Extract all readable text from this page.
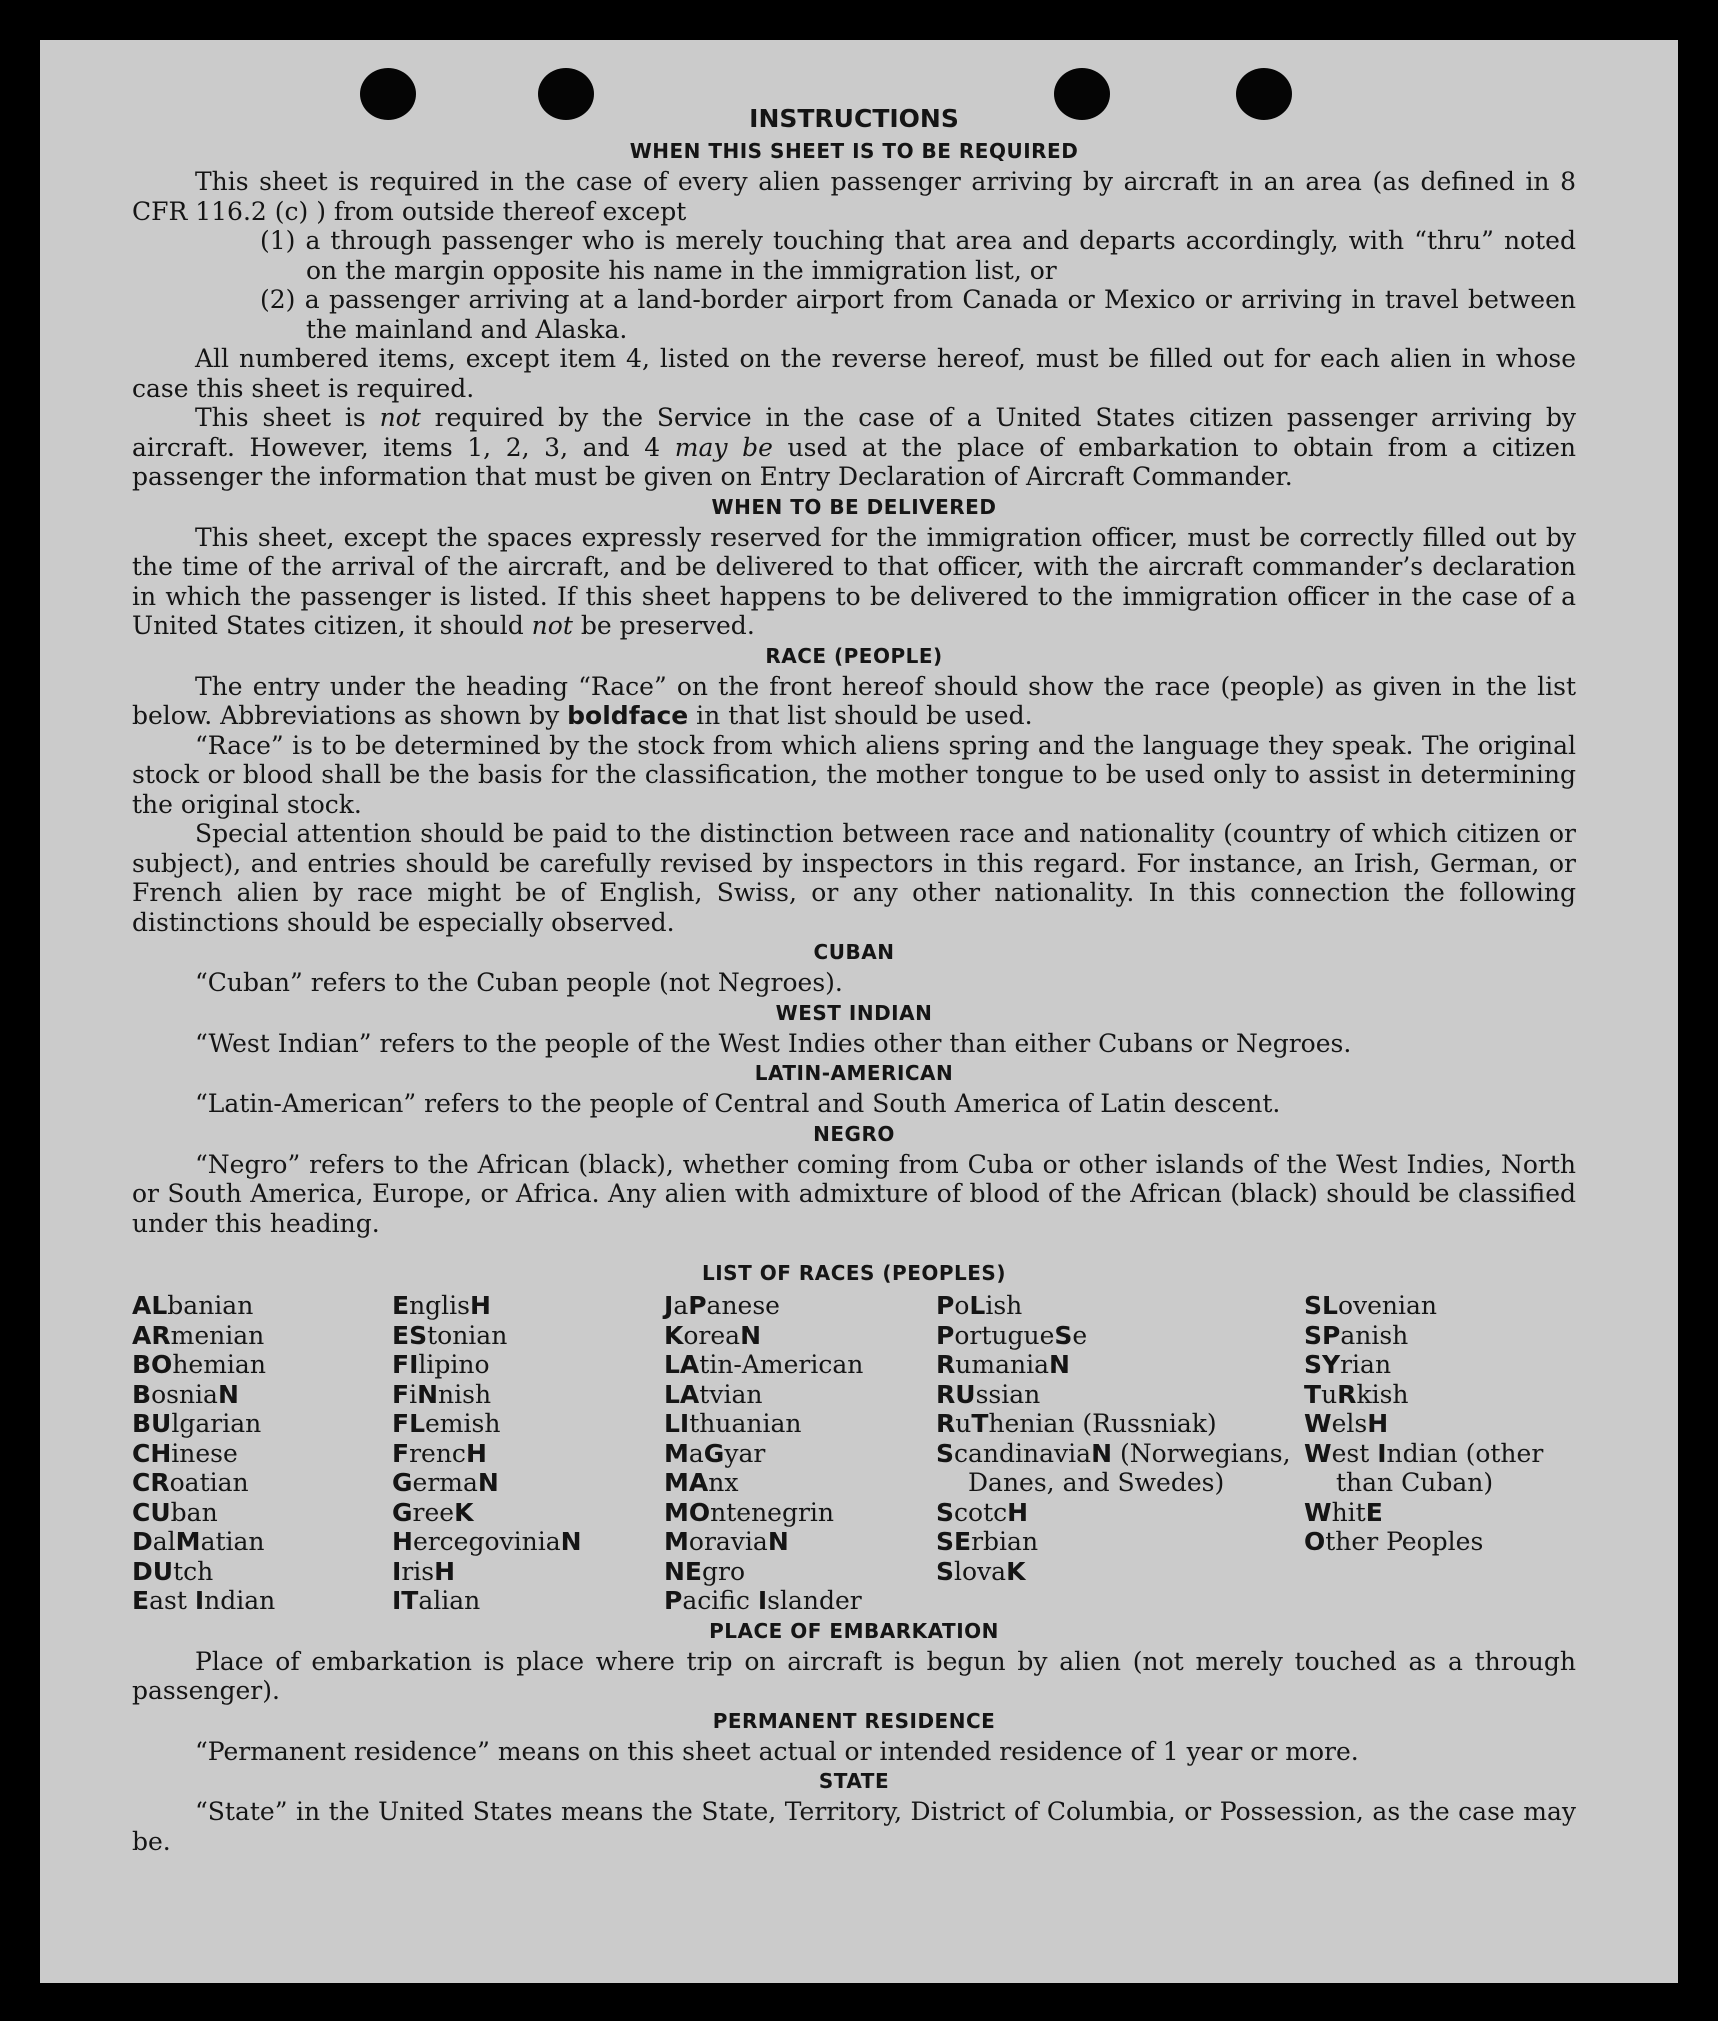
INSTRUCTIONS
WHEN THIS SHEET IS TO BE REQUIRED

This sheet is required in the case of every alien passenger arriving by aircraft in an area (as defined in 8 CFR 116.2 (c) ) from outside thereof except

(1) a through passenger who is merely touching that area and departs accordingly, with “thru” noted on the margin opposite his name in the immigration list, or

(2) a passenger arriving at a land-border airport from Canada or Mexico or arriving in travel between the mainland and Alaska.

All numbered items, except item 4, listed on the reverse hereof, must be filled out for each alien in whose case this sheet is required.

This sheet is not required by the Service in the case of a United States citizen passenger arriving by aircraft. However, items 1, 2, 3, and 4 may be used at the place of embarkation to obtain from a citizen passenger the information that must be given on Entry Declaration of Aircraft Commander.

WHEN TO BE DELIVERED

This sheet, except the spaces expressly reserved for the immigration officer, must be correctly filled out by the time of the arrival of the aircraft, and be delivered to that officer, with the aircraft commander’s declaration in which the passenger is listed. If this sheet happens to be delivered to the immigration officer in the case of a United States citizen, it should not be preserved.

RACE (PEOPLE)

The entry under the heading “Race” on the front hereof should show the race (people) as given in the list below. Abbreviations as shown by boldface in that list should be used.

“Race” is to be determined by the stock from which aliens spring and the language they speak. The original stock or blood shall be the basis for the classification, the mother tongue to be used only to assist in determining the original stock.

Special attention should be paid to the distinction between race and nationality (country of which citizen or subject), and entries should be carefully revised by inspectors in this regard. For instance, an Irish, German, or French alien by race might be of English, Swiss, or any other nationality. In this connection the following distinctions should be especially observed.

CUBAN

“Cuban” refers to the Cuban people (not Negroes).

WEST INDIAN

“West Indian” refers to the people of the West Indies other than either Cubans or Negroes.

LATIN-AMERICAN

“Latin-American” refers to the people of Central and South America of Latin descent.

NEGRO

“Negro” refers to the African (black), whether coming from Cuba or other islands of the West Indies, North or South America, Europe, or Africa. Any alien with admixture of blood of the African (black) should be classified under this heading.

LIST OF RACES (PEOPLES)
ALbanian
ARmenian
BOhemian
BosniaN
BUlgarian
CHinese
CRoatian
CUban
DalMatian
DUtch
East Indian
EnglisH
EStonian
FIlipino
FiNnish
FLemish
FrencH
GermaN
GreeK
HercegoviniaN
IrisH
ITalian
JaPanese
KoreaN
LAtin-American
LAtvian
LIthuanian
MaGyar
MAnx
MOntenegrin
MoraviaN
NEgro
Pacific Islander
PoLish
PortugueSe
RumaniaN
RUssian
RuThenian (Russniak)
ScandinaviaN (Norwegians, Danes, and Swedes)
ScotcH
SErbian
SlovaK
SLovenian
SPanish
SYrian
TuRkish
WelsH
West Indian (other than Cuban)
WhitE
Other Peoples
PLACE OF EMBARKATION

Place of embarkation is place where trip on aircraft is begun by alien (not merely touched as a through passenger).

PERMANENT RESIDENCE

“Permanent residence” means on this sheet actual or intended residence of 1 year or more.

STATE

“State” in the United States means the State, Territory, District of Columbia, or Possession, as the case may be.
